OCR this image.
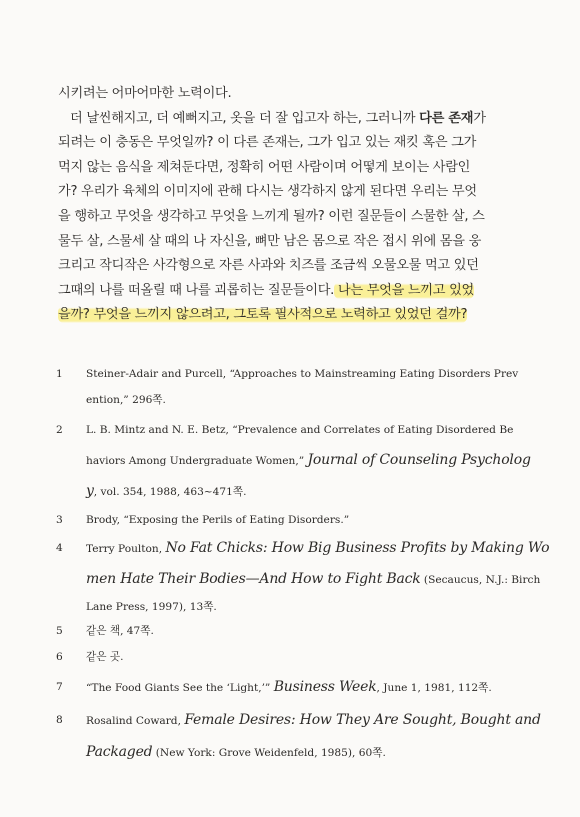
시키려는 어마어마한 노력이다.
더 날씬해지고, 더 예뻐지고, 옷을 더 잘 입고자 하는, 그러니까 다른 존재가
되려는 이 충동은 무엇일까? 이 다른 존재는, 그가 입고 있는 재킷 혹은 그가
먹지 않는 음식을 제쳐둔다면, 정확히 어떤 사람이며 어떻게 보이는 사람인
가? 우리가 육체의 이미지에 관해 다시는 생각하지 않게 된다면 우리는 무엇
을 행하고 무엇을 생각하고 무엇을 느끼게 될까? 이런 질문들이 스물한 살, 스
물두 살, 스물세 살 때의 나 자신을, 뼈만 남은 몸으로 작은 접시 위에 몸을 웅
크리고 작디작은 사각형으로 자른 사과와 치즈를 조금씩 오물오물 먹고 있던
그때의 나를 떠올릴 때 나를 괴롭히는 질문들이다. 나는 무엇을 느끼고 있었
을까? 무엇을 느끼지 않으려고, 그토록 필사적으로 노력하고 있었던 걸까?
1 Steiner-Adair and Purcell, “Approaches to Mainstreaming Eating Disorders Prev
ention,” 296쪽.
2 L. B. Mintz and N. E. Betz, “Prevalence and Correlates of Eating Disordered Be
haviors Among Undergraduate Women,” Journal of Counseling Psycholog
y, vol. 354, 1988, 463~471쪽.
3 Brody, “Exposing the Perils of Eating Disorders.”
4 Terry Poulton, No Fat Chicks: How Big Business Profits by Making Wo
men Hate Their Bodies—And How to Fight Back (Secaucus, N.J.: Birch
Lane Press, 1997), 13쪽.
5 같은 책, 47쪽.
6 같은 곳.
7 “The Food Giants See the ‘Light,’” Business Week, June 1, 1981, 112쪽.
8 Rosalind Coward, Female Desires: How They Are Sought, Bought and
Packaged (New York: Grove Weidenfeld, 1985), 60쪽.
